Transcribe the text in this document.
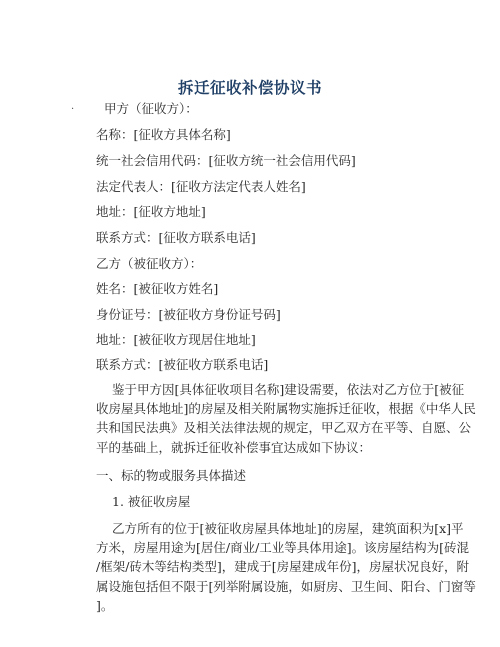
拆迁征收补偿协议书
· 甲方（征收方）：
名称：[征收方具体名称]
统一社会信用代码：[征收方统一社会信用代码]
法定代表人：[征收方法定代表人姓名]
地址：[征收方地址]
联系方式：[征收方联系电话]
乙方（被征收方）：
姓名：[被征收方姓名]
身份证号：[被征收方身份证号码]
地址：[被征收方现居住地址]
联系方式：[被征收方联系电话]
鉴于甲方因[具体征收项目名称]建设需要，依法对乙方位于[被征
收房屋具体地址]的房屋及相关附属物实施拆迁征收，根据《中华人民
共和国民法典》及相关法律法规的规定，甲乙双方在平等、自愿、公
平的基础上，就拆迁征收补偿事宜达成如下协议：
一、标的物或服务具体描述
1. 被征收房屋
乙方所有的位于[被征收房屋具体地址]的房屋，建筑面积为[x]平
方米，房屋用途为[居住/商业/工业等具体用途]。该房屋结构为[砖混
/框架/砖木等结构类型]，建成于[房屋建成年份]，房屋状况良好，附
属设施包括但不限于[列举附属设施，如厨房、卫生间、阳台、门窗等
]。
